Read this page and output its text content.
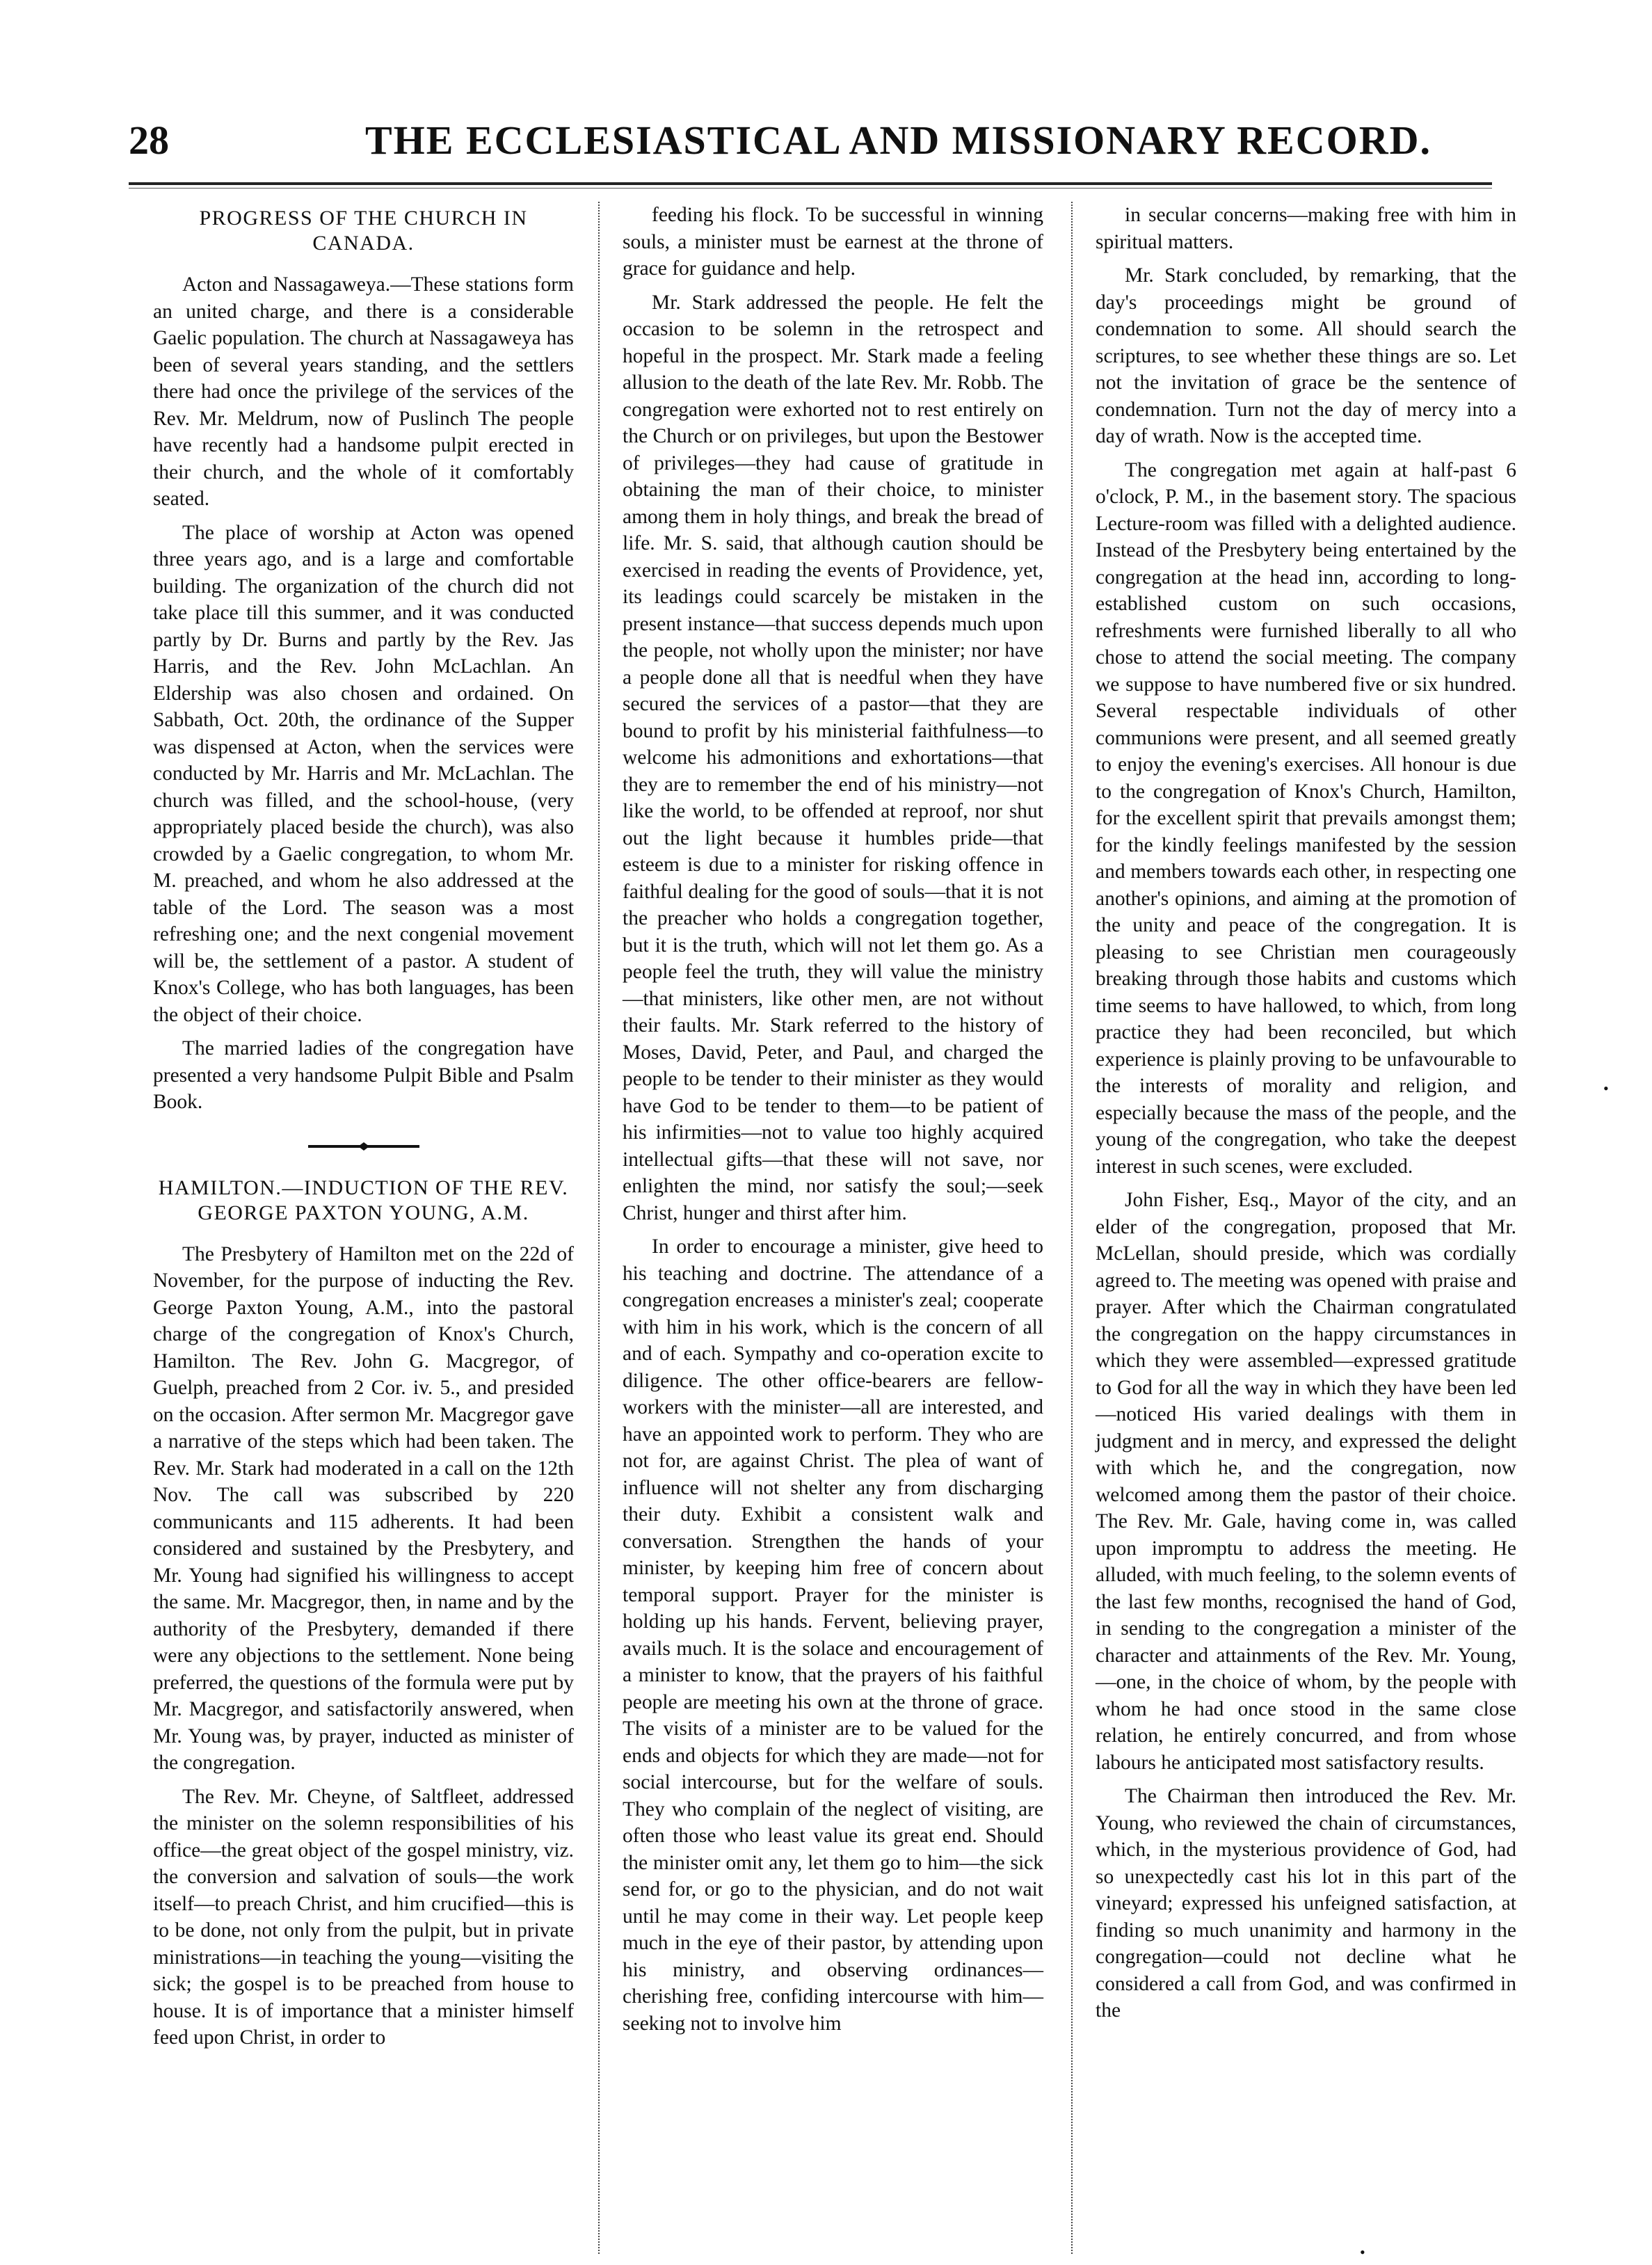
28	THE ECCLESIASTICAL AND MISSIONARY RECORD.
PROGRESS OF THE CHURCH IN CANADA.

Acton and Nassagaweya.—These stations form an united charge, and there is a considerable Gaelic population. The church at Nassagaweya has been of several years standing, and the settlers there had once the privilege of the services of the Rev. Mr. Meldrum, now of Puslinch The people have recently had a handsome pulpit erected in their church, and the whole of it comfortably seated.

The place of worship at Acton was opened three years ago, and is a large and comfortable building. The organization of the church did not take place till this summer, and it was conducted partly by Dr. Burns and partly by the Rev. Jas Harris, and the Rev. John McLachlan. An Eldership was also chosen and ordained. On Sabbath, Oct. 20th, the ordinance of the Supper was dispensed at Acton, when the services were conducted by Mr. Harris and Mr. McLachlan. The church was filled, and the school-house, (very appropriately placed beside the church), was also crowded by a Gaelic congregation, to whom Mr. M. preached, and whom he also addressed at the table of the Lord. The season was a most refreshing one; and the next congenial movement will be, the settlement of a pastor. A student of Knox's College, who has both languages, has been the object of their choice.

The married ladies of the congregation have presented a very handsome Pulpit Bible and Psalm Book.

HAMILTON.—INDUCTION OF THE REV. GEORGE PAXTON YOUNG, A.M.

The Presbytery of Hamilton met on the 22d of November, for the purpose of inducting the Rev. George Paxton Young, A.M., into the pastoral charge of the congregation of Knox's Church, Hamilton. The Rev. John G. Macgregor, of Guelph, preached from 2 Cor. iv. 5., and presided on the occasion. After sermon Mr. Macgregor gave a narrative of the steps which had been taken. The Rev. Mr. Stark had moderated in a call on the 12th Nov. The call was subscribed by 220 communicants and 115 adherents. It had been considered and sustained by the Presbytery, and Mr. Young had signified his willingness to accept the same. Mr. Macgregor, then, in name and by the authority of the Presbytery, demanded if there were any objections to the settlement. None being preferred, the questions of the formula were put by Mr. Macgregor, and satisfactorily answered, when Mr. Young was, by prayer, inducted as minister of the congregation.

The Rev. Mr. Cheyne, of Saltfleet, addressed the minister on the solemn responsibilities of his office—the great object of the gospel ministry, viz. the conversion and salvation of souls—the work itself—to preach Christ, and him crucified—this is to be done, not only from the pulpit, but in private ministrations—in teaching the young—visiting the sick; the gospel is to be preached from house to house. It is of importance that a minister himself feed upon Christ, in order to

feeding his flock. To be successful in winning souls, a minister must be earnest at the throne of grace for guidance and help.

Mr. Stark addressed the people. He felt the occasion to be solemn in the retrospect and hopeful in the prospect. Mr. Stark made a feeling allusion to the death of the late Rev. Mr. Robb. The congregation were exhorted not to rest entirely on the Church or on privileges, but upon the Bestower of privileges—they had cause of gratitude in obtaining the man of their choice, to minister among them in holy things, and break the bread of life. Mr. S. said, that although caution should be exercised in reading the events of Providence, yet, its leadings could scarcely be mistaken in the present instance—that success depends much upon the people, not wholly upon the minister; nor have a people done all that is needful when they have secured the services of a pastor—that they are bound to profit by his ministerial faithfulness—to welcome his admonitions and exhortations—that they are to remember the end of his ministry—not like the world, to be offended at reproof, nor shut out the light because it humbles pride—that esteem is due to a minister for risking offence in faithful dealing for the good of souls—that it is not the preacher who holds a congregation together, but it is the truth, which will not let them go. As a people feel the truth, they will value the ministry—that ministers, like other men, are not without their faults. Mr. Stark referred to the history of Moses, David, Peter, and Paul, and charged the people to be tender to their minister as they would have God to be tender to them—to be patient of his infirmities—not to value too highly acquired intellectual gifts—that these will not save, nor enlighten the mind, nor satisfy the soul;—seek Christ, hunger and thirst after him.

In order to encourage a minister, give heed to his teaching and doctrine. The attendance of a congregation encreases a minister's zeal; cooperate with him in his work, which is the concern of all and of each. Sympathy and co-operation excite to diligence. The other office-bearers are fellow-workers with the minister—all are interested, and have an appointed work to perform. They who are not for, are against Christ. The plea of want of influence will not shelter any from discharging their duty. Exhibit a consistent walk and conversation. Strengthen the hands of your minister, by keeping him free of concern about temporal support. Prayer for the minister is holding up his hands. Fervent, believing prayer, avails much. It is the solace and encouragement of a minister to know, that the prayers of his faithful people are meeting his own at the throne of grace. The visits of a minister are to be valued for the ends and objects for which they are made—not for social intercourse, but for the welfare of souls. They who complain of the neglect of visiting, are often those who least value its great end. Should the minister omit any, let them go to him—the sick send for, or go to the physician, and do not wait until he may come in their way. Let people keep much in the eye of their pastor, by attending upon his ministry, and observing ordinances—cherishing free, confiding intercourse with him—seeking not to involve him

in secular concerns—making free with him in spiritual matters.

Mr. Stark concluded, by remarking, that the day's proceedings might be ground of condemnation to some. All should search the scriptures, to see whether these things are so. Let not the invitation of grace be the sentence of condemnation. Turn not the day of mercy into a day of wrath. Now is the accepted time.

The congregation met again at half-past 6 o'clock, P. M., in the basement story. The spacious Lecture-room was filled with a delighted audience. Instead of the Presbytery being entertained by the congregation at the head inn, according to long-established custom on such occasions, refreshments were furnished liberally to all who chose to attend the social meeting. The company we suppose to have numbered five or six hundred. Several respectable individuals of other communions were present, and all seemed greatly to enjoy the evening's exercises. All honour is due to the congregation of Knox's Church, Hamilton, for the excellent spirit that prevails amongst them; for the kindly feelings manifested by the session and members towards each other, in respecting one another's opinions, and aiming at the promotion of the unity and peace of the congregation. It is pleasing to see Christian men courageously breaking through those habits and customs which time seems to have hallowed, to which, from long practice they had been reconciled, but which experience is plainly proving to be unfavourable to the interests of morality and religion, and especially because the mass of the people, and the young of the congregation, who take the deepest interest in such scenes, were excluded.

John Fisher, Esq., Mayor of the city, and an elder of the congregation, proposed that Mr. McLellan, should preside, which was cordially agreed to. The meeting was opened with praise and prayer. After which the Chairman congratulated the congregation on the happy circumstances in which they were assembled—expressed gratitude to God for all the way in which they have been led—noticed His varied dealings with them in judgment and in mercy, and expressed the delight with which he, and the congregation, now welcomed among them the pastor of their choice. The Rev. Mr. Gale, having come in, was called upon impromptu to address the meeting. He alluded, with much feeling, to the solemn events of the last few months, recognised the hand of God, in sending to the congregation a minister of the character and attainments of the Rev. Mr. Young,—one, in the choice of whom, by the people with whom he had once stood in the same close relation, he entirely concurred, and from whose labours he anticipated most satisfactory results.

The Chairman then introduced the Rev. Mr. Young, who reviewed the chain of circumstances, which, in the mysterious providence of God, had so unexpectedly cast his lot in this part of the vineyard; expressed his unfeigned satisfaction, at finding so much unanimity and harmony in the congregation—could not decline what he considered a call from God, and was confirmed in the

•
•
